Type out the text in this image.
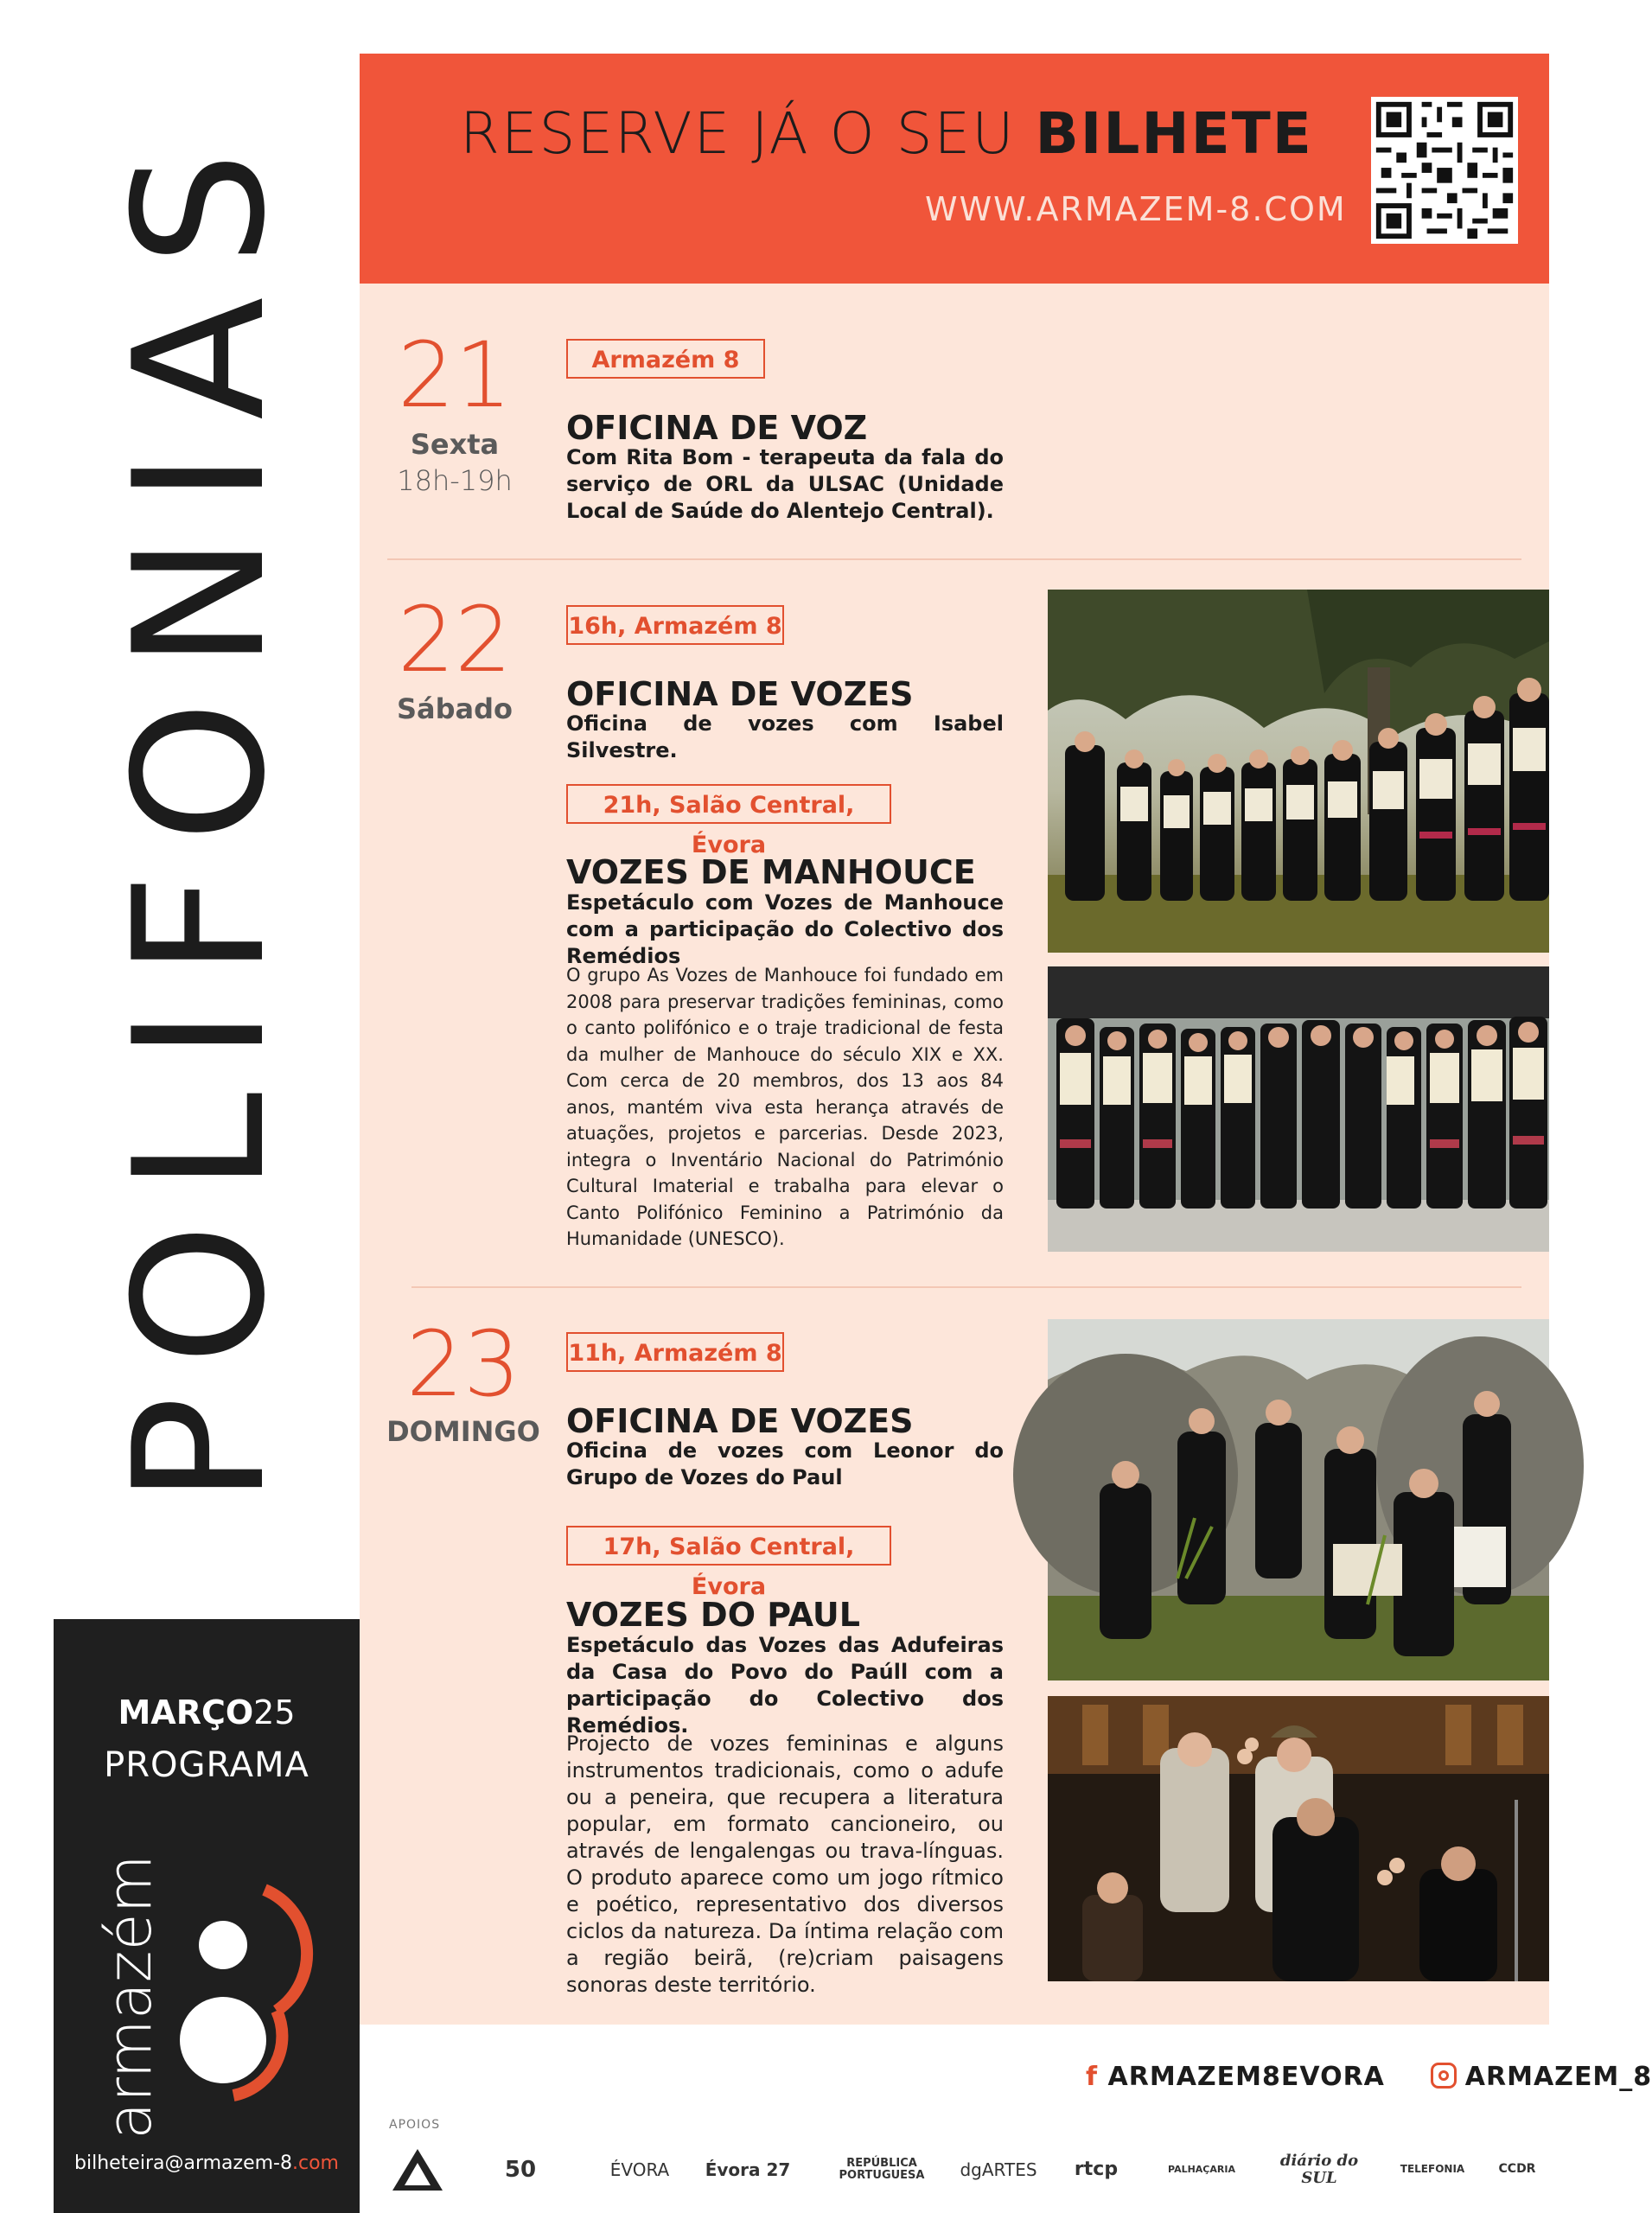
POLIFONIAS	RESERVE JÁ O SEU BILHETE
WWW.ARMAZEM-8.COM
21
Sexta
18h-19h
Armazém 8
OFICINA DE VOZ
Com Rita Bom - terapeuta da fala do serviço de ORL da ULSAC (Unidade Local de Saúde do Alentejo Central).
22
Sábado
16h, Armazém 8
OFICINA DE VOZES
Oficina de vozes com Isabel Silvestre.
21h, Salão Central, Évora
VOZES DE MANHOUCE
Espetáculo com Vozes de Manhouce com a participação do Colectivo dos Remédios
O grupo As Vozes de Manhouce foi fundado em 2008 para preservar tradições femininas, como o canto polifónico e o traje tradicional de festa da mulher de Manhouce do século XIX e XX. Com cerca de 20 membros, dos 13 aos 84 anos, mantém viva esta herança através de atuações, projetos e parcerias. Desde 2023, integra o Inventário Nacional do Património Cultural Imaterial e trabalha para elevar o Canto Polifónico Feminino a Património da Humanidade (UNESCO).
23
DOMINGO
11h, Armazém 8
OFICINA DE VOZES
Oficina de vozes com Leonor do Grupo de Vozes do Paul
17h, Salão Central, Évora
VOZES DO PAUL
Espetáculo das Vozes das Adufeiras da Casa do Povo do Paúll com a participação do Colectivo dos Remédios.
Projecto de vozes femininas e alguns instrumentos tradicionais, como o adufe ou a peneira, que recupera a literatura popular, em formato cancioneiro, ou através de lengalengas ou trava-línguas. O produto aparece como um jogo rítmico e poético, representativo dos diversos ciclos da natureza. Da íntima relação com a região beirã, (re)criam paisagens sonoras deste território.
MARÇO25
PROGRAMA
armazém
bilheteira@armazem-8.com
f ARMAZEM8EVORA	ARMAZEM_8
APOIOS
50	ÉVORA	Évora 27	REPÚBLICA PORTUGUESA	dgARTES	rtcp	PALHAÇARIA	diário do SUL	TELEFONIA	CCDR
